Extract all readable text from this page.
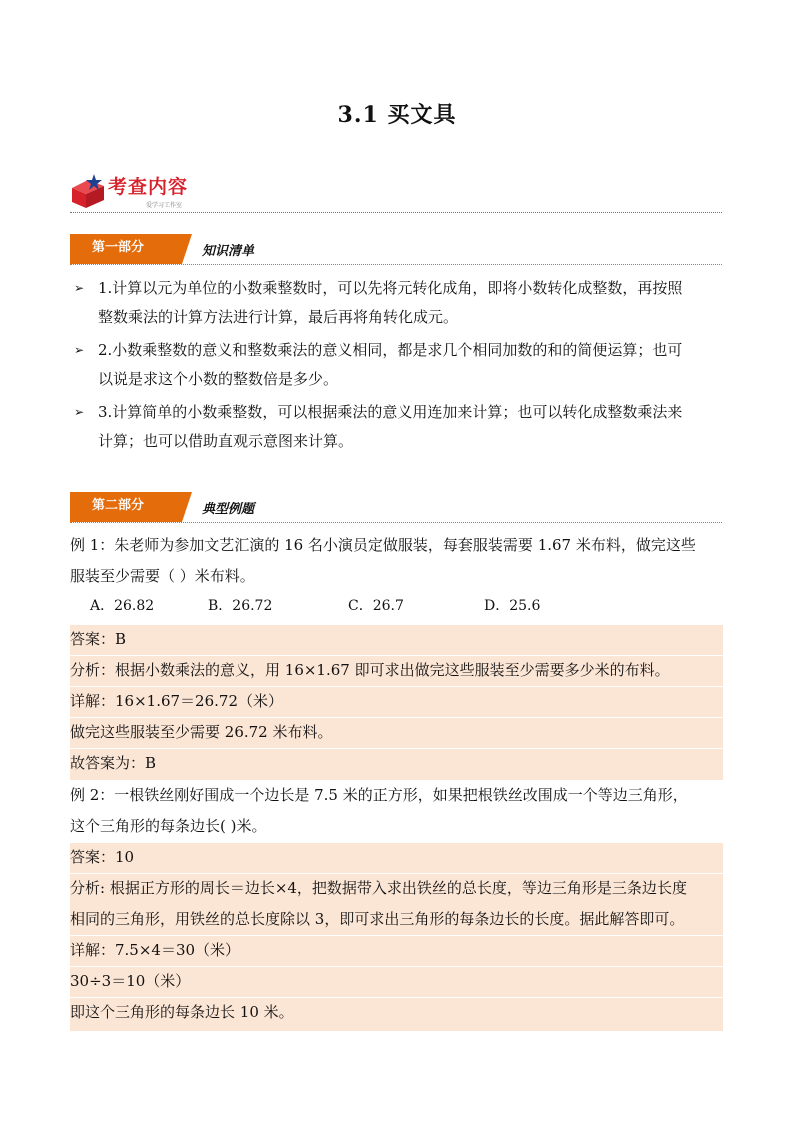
3.1 买文具
考查内容
爱学习工作室
第一部分	知识清单
➢ 1.计算以元为单位的小数乘整数时，可以先将元转化成角，即将小数转化成整数，再按照
整数乘法的计算方法进行计算，最后再将角转化成元。
➢ 2.小数乘整数的意义和整数乘法的意义相同，都是求几个相同加数的和的简便运算；也可
以说是求这个小数的整数倍是多少。
➢ 3.计算简单的小数乘整数，可以根据乘法的意义用连加来计算；也可以转化成整数乘法来
计算；也可以借助直观示意图来计算。
第二部分	典型例题
例 1：朱老师为参加文艺汇演的 16 名小演员定做服装，每套服装需要 1.67 米布料，做完这些
服装至少需要（ ）米布料。
A．26.82	B．26.72	C．26.7	D．25.6
答案：B
分析：根据小数乘法的意义，用 16×1.67 即可求出做完这些服装至少需要多少米的布料。
详解：16×1.67＝26.72（米）
做完这些服装至少需要 26.72 米布料。
故答案为：B
例 2：一根铁丝刚好围成一个边长是 7.5 米的正方形，如果把根铁丝改围成一个等边三角形，
这个三角形的每条边长( )米。
答案：10
分析: 根据正方形的周长＝边长×4，把数据带入求出铁丝的总长度，等边三角形是三条边长度
相同的三角形，用铁丝的总长度除以 3，即可求出三角形的每条边长的长度。据此解答即可。
详解：7.5×4＝30（米）
30÷3＝10（米）
即这个三角形的每条边长 10 米。
